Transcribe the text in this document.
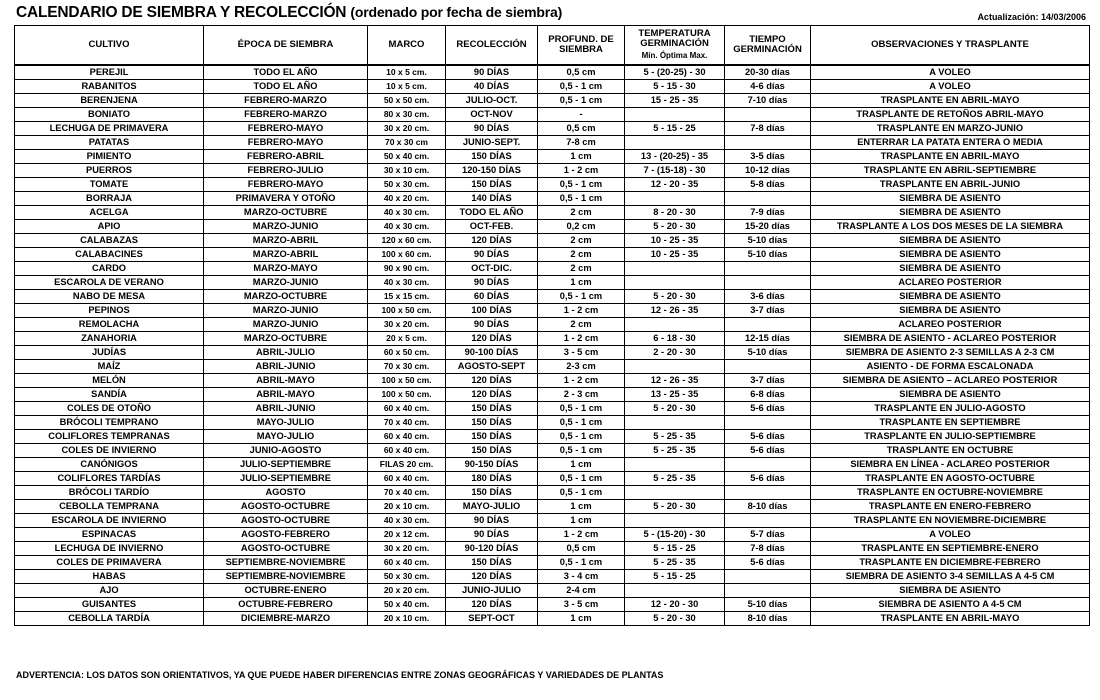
CALENDARIO DE SIEMBRA Y RECOLECCIÓN (ordenado por fecha de siembra)	Actualización: 14/03/2006
CULTIVO	ÉPOCA DE SIEMBRA	MARCO	RECOLECCIÓN	PROFUND. DE SIEMBRA	TEMPERATURA GERMINACIÓN
Mín. Óptima Max.	TIEMPO GERMINACIÓN	OBSERVACIONES Y TRASPLANTE
PEREJIL	TODO EL AÑO	10 x 5 cm.	90 DÍAS	0,5 cm	5 - (20-25) - 30	20-30 días	A VOLEO
RABANITOS	TODO EL AÑO	10 x 5 cm.	40 DÍAS	0,5 - 1 cm	5 - 15 - 30	4-6 días	A VOLEO
BERENJENA	FEBRERO-MARZO	50 x 50 cm.	JULIO-OCT.	0,5 - 1 cm	15 - 25 - 35	7-10 días	TRASPLANTE EN ABRIL-MAYO
BONIATO	FEBRERO-MARZO	80 x 30 cm.	OCT-NOV	-			TRASPLANTE DE RETOÑOS ABRIL-MAYO
LECHUGA DE PRIMAVERA	FEBRERO-MAYO	30 x 20 cm.	90 DÍAS	0,5 cm	5 - 15 - 25	7-8 días	TRASPLANTE EN MARZO-JUNIO
PATATAS	FEBRERO-MAYO	70 x 30 cm	JUNIO-SEPT.	7-8 cm			ENTERRAR LA PATATA ENTERA O MEDIA
PIMIENTO	FEBRERO-ABRIL	50 x 40 cm.	150 DÍAS	1 cm	13 - (20-25) - 35	3-5 días	TRASPLANTE EN ABRIL-MAYO
PUERROS	FEBRERO-JULIO	30 x 10 cm.	120-150 DÍAS	1 - 2 cm	7 - (15-18) - 30	10-12 días	TRASPLANTE EN ABRIL-SEPTIEMBRE
TOMATE	FEBRERO-MAYO	50 x 30 cm.	150 DÍAS	0,5 - 1 cm	12 - 20 - 35	5-8 días	TRASPLANTE EN ABRIL-JUNIO
BORRAJA	PRIMAVERA Y OTOÑO	40 x 20 cm.	140 DÍAS	0,5 - 1 cm			SIEMBRA DE ASIENTO
ACELGA	MARZO-OCTUBRE	40 x 30 cm.	TODO EL AÑO	2 cm	8 - 20 - 30	7-9 días	SIEMBRA DE ASIENTO
APIO	MARZO-JUNIO	40 x 30 cm.	OCT-FEB.	0,2 cm	5 - 20 - 30	15-20 días	TRASPLANTE A LOS DOS MESES DE LA SIEMBRA
CALABAZAS	MARZO-ABRIL	120 x 60 cm.	120 DÍAS	2 cm	10 - 25 - 35	5-10 días	SIEMBRA DE ASIENTO
CALABACINES	MARZO-ABRIL	100 x 60 cm.	90 DÍAS	2 cm	10 - 25 - 35	5-10 días	SIEMBRA DE ASIENTO
CARDO	MARZO-MAYO	90 x 90 cm.	OCT-DIC.	2 cm			SIEMBRA DE ASIENTO
ESCAROLA DE VERANO	MARZO-JUNIO	40 x 30 cm.	90 DÍAS	1 cm			ACLAREO POSTERIOR
NABO DE MESA	MARZO-OCTUBRE	15 x 15 cm.	60 DÍAS	0,5 - 1 cm	5 - 20 - 30	3-6 días	SIEMBRA DE ASIENTO
PEPINOS	MARZO-JUNIO	100 x 50 cm.	100 DÍAS	1 - 2 cm	12 - 26 - 35	3-7 días	SIEMBRA DE ASIENTO
REMOLACHA	MARZO-JUNIO	30 x 20 cm.	90 DÍAS	2 cm			ACLAREO POSTERIOR
ZANAHORIA	MARZO-OCTUBRE	20 x 5 cm.	120 DÍAS	1 - 2 cm	6 - 18 - 30	12-15 días	SIEMBRA DE ASIENTO - ACLAREO POSTERIOR
JUDÍAS	ABRIL-JULIO	60 x 50 cm.	90-100 DÍAS	3 - 5 cm	2 - 20 - 30	5-10 días	SIEMBRA DE ASIENTO 2-3 SEMILLAS A 2-3 CM
MAÍZ	ABRIL-JUNIO	70 x 30 cm.	AGOSTO-SEPT	2-3 cm			ASIENTO - DE FORMA ESCALONADA
MELÓN	ABRIL-MAYO	100 x 50 cm.	120 DÍAS	1 - 2 cm	12 - 26 - 35	3-7 días	SIEMBRA DE ASIENTO – ACLAREO POSTERIOR
SANDÍA	ABRIL-MAYO	100 x 50 cm.	120 DÍAS	2 - 3 cm	13 - 25 - 35	6-8 días	SIEMBRA DE ASIENTO
COLES DE OTOÑO	ABRIL-JUNIO	60 x 40 cm.	150 DÍAS	0,5 - 1 cm	5 - 20 - 30	5-6 días	TRASPLANTE EN JULIO-AGOSTO
BRÓCOLI TEMPRANO	MAYO-JULIO	70 x 40 cm.	150 DÍAS	0,5 - 1 cm			TRASPLANTE EN SEPTIEMBRE
COLIFLORES TEMPRANAS	MAYO-JULIO	60 x 40 cm.	150 DÍAS	0,5 - 1 cm	5 - 25 - 35	5-6 días	TRASPLANTE EN JULIO-SEPTIEMBRE
COLES DE INVIERNO	JUNIO-AGOSTO	60 x 40 cm.	150 DÍAS	0,5 - 1 cm	5 - 25 - 35	5-6 días	TRASPLANTE EN OCTUBRE
CANÓNIGOS	JULIO-SEPTIEMBRE	FILAS 20 cm.	90-150 DÍAS	1 cm			SIEMBRA EN LÍNEA - ACLAREO POSTERIOR
COLIFLORES TARDÍAS	JULIO-SEPTIEMBRE	60 x 40 cm.	180 DÍAS	0,5 - 1 cm	5 - 25 - 35	5-6 días	TRASPLANTE EN AGOSTO-OCTUBRE
BRÓCOLI TARDÍO	AGOSTO	70 x 40 cm.	150 DÍAS	0,5 - 1 cm			TRASPLANTE EN OCTUBRE-NOVIEMBRE
CEBOLLA TEMPRANA	AGOSTO-OCTUBRE	20 x 10 cm.	MAYO-JULIO	1 cm	5 - 20 - 30	8-10 días	TRASPLANTE EN ENERO-FEBRERO
ESCAROLA DE INVIERNO	AGOSTO-OCTUBRE	40 x 30 cm.	90 DÍAS	1 cm			TRASPLANTE EN NOVIEMBRE-DICIEMBRE
ESPINACAS	AGOSTO-FEBRERO	20 x 12 cm.	90 DÍAS	1 - 2 cm	5 - (15-20) - 30	5-7 días	A VOLEO
LECHUGA DE INVIERNO	AGOSTO-OCTUBRE	30 x 20 cm.	90-120 DÍAS	0,5 cm	5 - 15 - 25	7-8 días	TRASPLANTE EN SEPTIEMBRE-ENERO
COLES DE PRIMAVERA	SEPTIEMBRE-NOVIEMBRE	60 x 40 cm.	150 DÍAS	0,5 - 1 cm	5 - 25 - 35	5-6 días	TRASPLANTE EN DICIEMBRE-FEBRERO
HABAS	SEPTIEMBRE-NOVIEMBRE	50 x 30 cm.	120 DÍAS	3 - 4 cm	5 - 15 - 25		SIEMBRA DE ASIENTO 3-4 SEMILLAS A 4-5 CM
AJO	OCTUBRE-ENERO	20 x 20 cm.	JUNIO-JULIO	2-4 cm			SIEMBRA DE ASIENTO
GUISANTES	OCTUBRE-FEBRERO	50 x 40 cm.	120 DÍAS	3 - 5 cm	12 - 20 - 30	5-10 días	SIEMBRA DE ASIENTO A 4-5 CM
CEBOLLA TARDÍA	DICIEMBRE-MARZO	20 x 10 cm.	SEPT-OCT	1 cm	5 - 20 - 30	8-10 días	TRASPLANTE EN ABRIL-MAYO
ADVERTENCIA: LOS DATOS SON ORIENTATIVOS, YA QUE PUEDE HABER DIFERENCIAS ENTRE ZONAS GEOGRÁFICAS Y VARIEDADES DE PLANTAS
